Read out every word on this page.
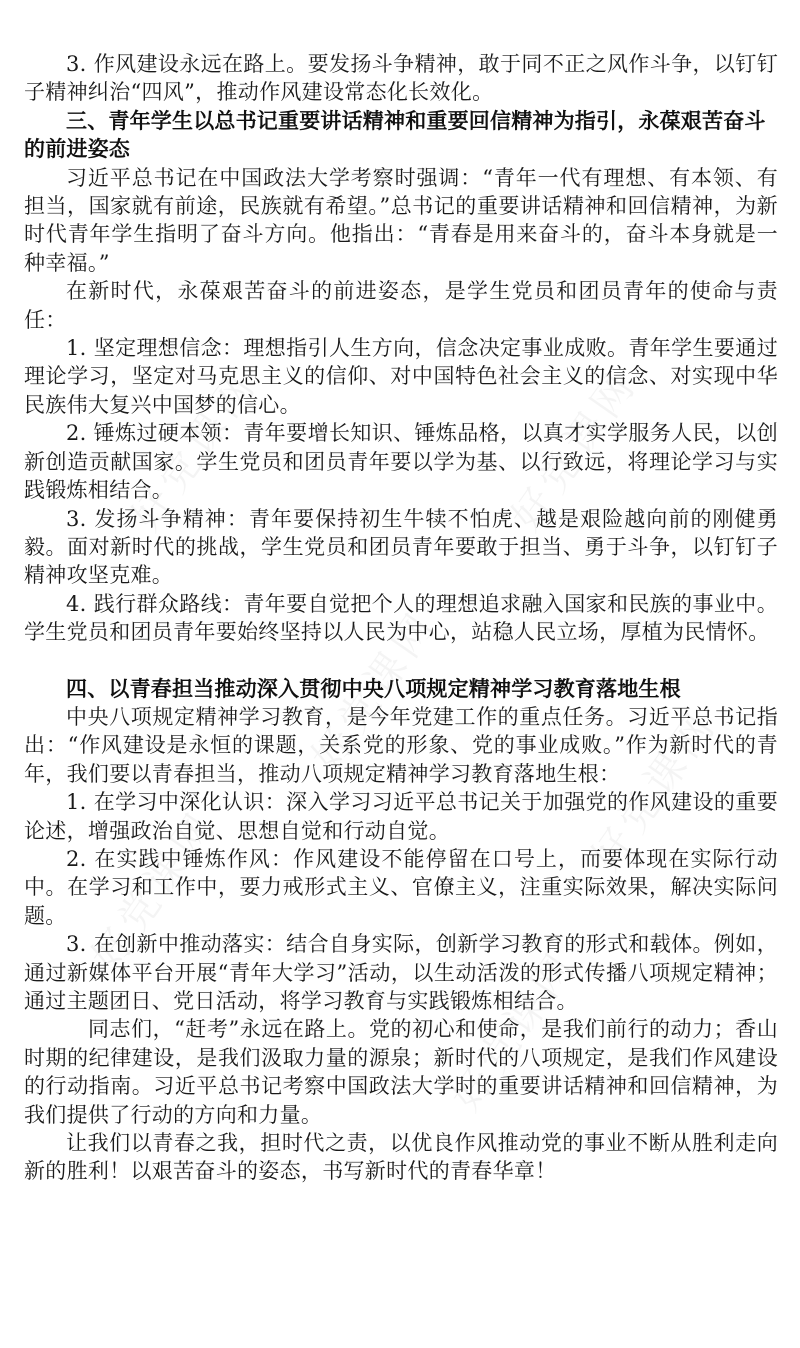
3. 作风建设永远在路上。要发扬斗争精神，敢于同不正之风作斗争，以钉钉子精神纠治“四风”，推动作风建设常态化长效化。

三、青年学生以总书记重要讲话精神和重要回信精神为指引，永葆艰苦奋斗的前进姿态

习近平总书记在中国政法大学考察时强调：“青年一代有理想、有本领、有担当，国家就有前途，民族就有希望。”总书记的重要讲话精神和回信精神，为新时代青年学生指明了奋斗方向。他指出：“青春是用来奋斗的，奋斗本身就是一种幸福。”

在新时代，永葆艰苦奋斗的前进姿态，是学生党员和团员青年的使命与责任：

1. 坚定理想信念：理想指引人生方向，信念决定事业成败。青年学生要通过理论学习，坚定对马克思主义的信仰、对中国特色社会主义的信念、对实现中华民族伟大复兴中国梦的信心。

2. 锤炼过硬本领：青年要增长知识、锤炼品格，以真才实学服务人民，以创新创造贡献国家。学生党员和团员青年要以学为基、以行致远，将理论学习与实践锻炼相结合。

3. 发扬斗争精神：青年要保持初生牛犊不怕虎、越是艰险越向前的刚健勇毅。面对新时代的挑战，学生党员和团员青年要敢于担当、勇于斗争，以钉钉子精神攻坚克难。

4. 践行群众路线：青年要自觉把个人的理想追求融入国家和民族的事业中。学生党员和团员青年要始终坚持以人民为中心，站稳人民立场，厚植为民情怀。

四、以青春担当推动深入贯彻中央八项规定精神学习教育落地生根

中央八项规定精神学习教育，是今年党建工作的重点任务。习近平总书记指出：“作风建设是永恒的课题，关系党的形象、党的事业成败。”作为新时代的青年，我们要以青春担当，推动八项规定精神学习教育落地生根：

1. 在学习中深化认识：深入学习习近平总书记关于加强党的作风建设的重要论述，增强政治自觉、思想自觉和行动自觉。

2. 在实践中锤炼作风：作风建设不能停留在口号上，而要体现在实际行动中。在学习和工作中，要力戒形式主义、官僚主义，注重实际效果，解决实际问题。

3. 在创新中推动落实：结合自身实际，创新学习教育的形式和载体。例如，通过新媒体平台开展“青年大学习”活动，以生动活泼的形式传播八项规定精神；通过主题团日、党日活动，将学习教育与实践锻炼相结合。

同志们，“赶考”永远在路上。党的初心和使命，是我们前行的动力；香山时期的纪律建设，是我们汲取力量的源泉；新时代的八项规定，是我们作风建设的行动指南。习近平总书记考察中国政法大学时的重要讲话精神和回信精神，为我们提供了行动的方向和力量。

让我们以青春之我，担时代之责，以优良作风推动党的事业不断从胜利走向新的胜利！以艰苦奋斗的姿态，书写新时代的青春华章！
